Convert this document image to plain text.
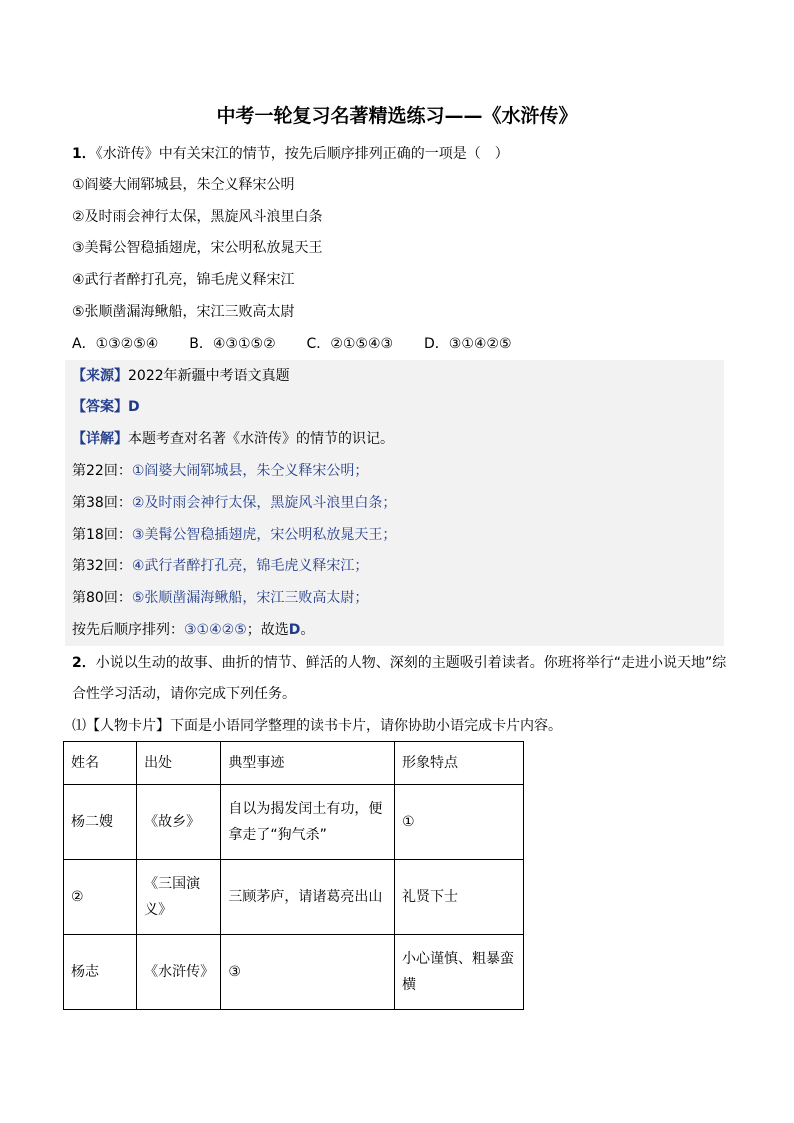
中考一轮复习名著精选练习——《水浒传》
1．《水浒传》中有关宋江的情节，按先后顺序排列正确的一项是（　）
①阎婆大闹郓城县，朱仝义释宋公明
②及时雨会神行太保，黑旋风斗浪里白条
③美髯公智稳插翅虎，宋公明私放晁天王
④武行者醉打孔亮，锦毛虎义释宋江
⑤张顺凿漏海鳅船，宋江三败高太尉
A．①③②⑤④ B．④③①⑤② C．②①⑤④③ D．③①④②⑤
【来源】2022年新疆中考语文真题
【答案】D
【详解】本题考查对名著《水浒传》的情节的识记。
第22回：①阎婆大闹郓城县，朱仝义释宋公明；
第38回：②及时雨会神行太保，黑旋风斗浪里白条；
第18回：③美髯公智稳插翅虎，宋公明私放晁天王；
第32回：④武行者醉打孔亮，锦毛虎义释宋江；
第80回：⑤张顺凿漏海鳅船，宋江三败高太尉；
按先后顺序排列：③①④②⑤；故选D。
2．小说以生动的故事、曲折的情节、鲜活的人物、深刻的主题吸引着读者。你班将举行“走进小说天地”综
合性学习活动，请你完成下列任务。
⑴【人物卡片】下面是小语同学整理的读书卡片，请你协助小语完成卡片内容。
姓名	出处	典型事迹	形象特点
杨二嫂	《故乡》	自以为揭发闰土有功，便拿走了“狗气杀”	①
②	《三国演义》	三顾茅庐，请诸葛亮出山	礼贤下士
杨志	《水浒传》	③	小心谨慎、粗暴蛮横
